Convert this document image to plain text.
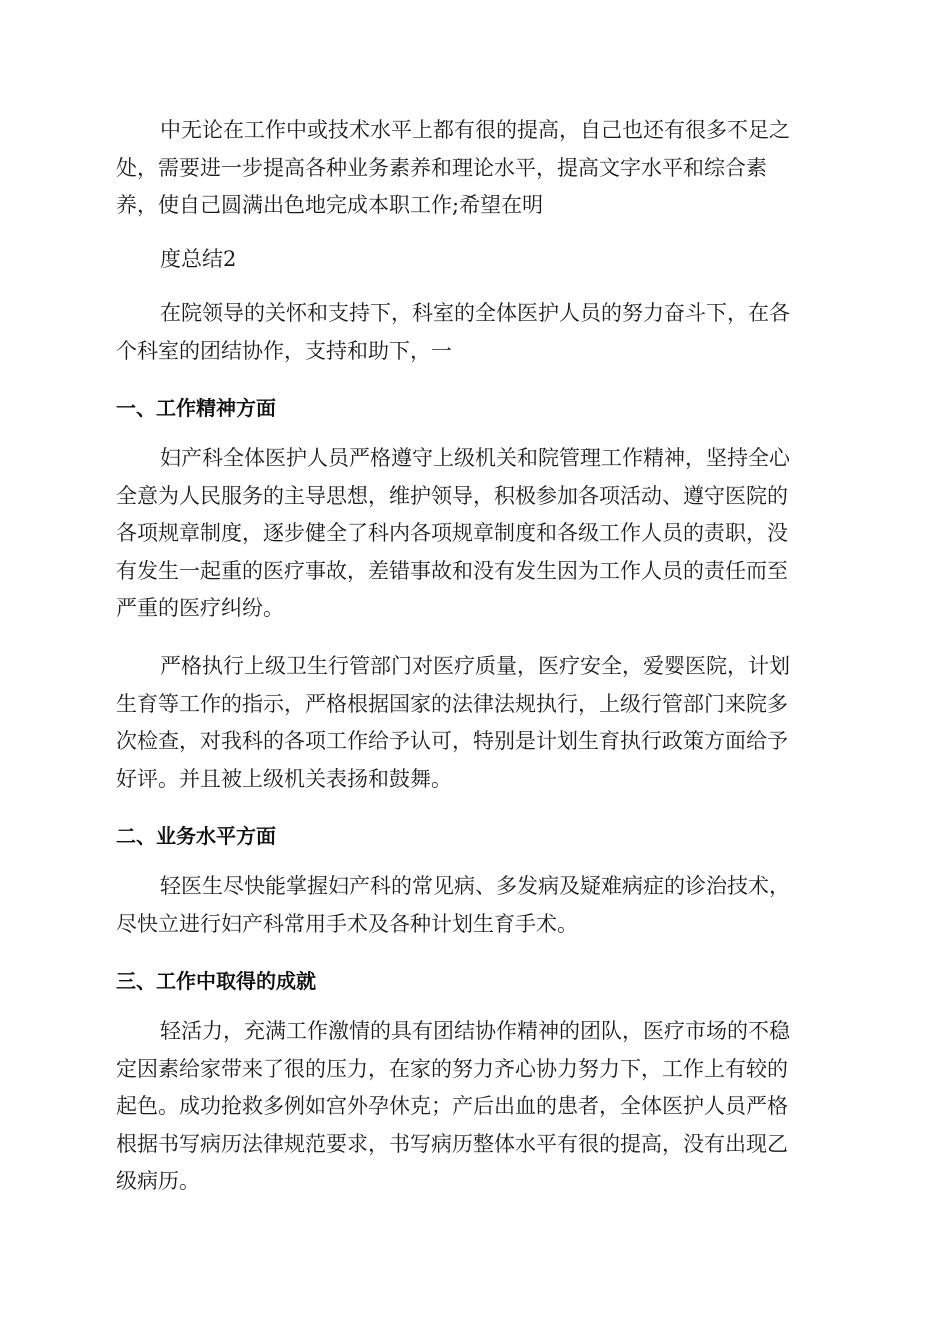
中无论在工作中或技术水平上都有很的提高，自己也还有很多不足之
处，需要进一步提高各种业务素养和理论水平，提高文字水平和综合素
养，使自己圆满出色地完成本职工作;希望在明
度总结2
在院领导的关怀和支持下，科室的全体医护人员的努力奋斗下，在各
个科室的团结协作，支持和助下，一
一、工作精神方面
妇产科全体医护人员严格遵守上级机关和院管理工作精神，坚持全心
全意为人民服务的主导思想，维护领导，积极参加各项活动、遵守医院的
各项规章制度，逐步健全了科内各项规章制度和各级工作人员的责职，没
有发生一起重的医疗事故，差错事故和没有发生因为工作人员的责任而至
严重的医疗纠纷。
严格执行上级卫生行管部门对医疗质量，医疗安全，爱婴医院，计划
生育等工作的指示，严格根据国家的法律法规执行，上级行管部门来院多
次检查，对我科的各项工作给予认可，特别是计划生育执行政策方面给予
好评。并且被上级机关表扬和鼓舞。
二、业务水平方面
轻医生尽快能掌握妇产科的常见病、多发病及疑难病症的诊治技术，
尽快立进行妇产科常用手术及各种计划生育手术。
三、工作中取得的成就
轻活力，充满工作激情的具有团结协作精神的团队，医疗市场的不稳
定因素给家带来了很的压力，在家的努力齐心协力努力下，工作上有较的
起色。成功抢救多例如宫外孕休克；产后出血的患者，全体医护人员严格
根据书写病历法律规范要求，书写病历整体水平有很的提高，没有出现乙
级病历。
